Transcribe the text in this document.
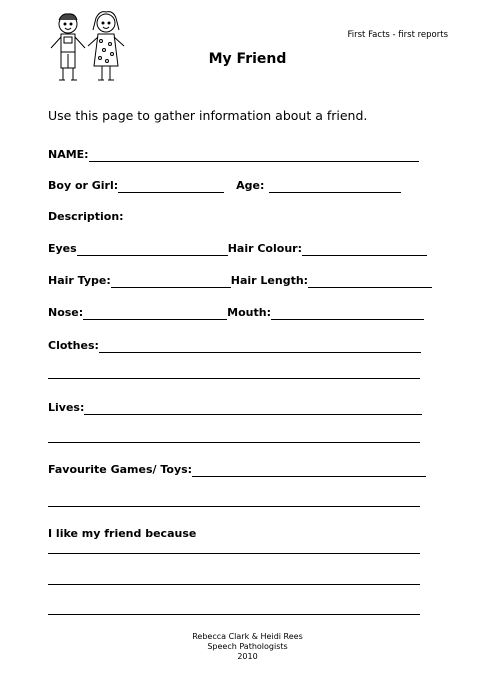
First Facts - first reports
My Friend
Use this page to gather information about a friend.
NAME:
Boy or Girl:	Age:
Description:
Eyes	Hair Colour:
Hair Type:	Hair Length:
Nose:	Mouth:
Clothes:
Lives:
Favourite Games/ Toys:
I like my friend because
Rebecca Clark & Heidi Rees
Speech Pathologists
2010
